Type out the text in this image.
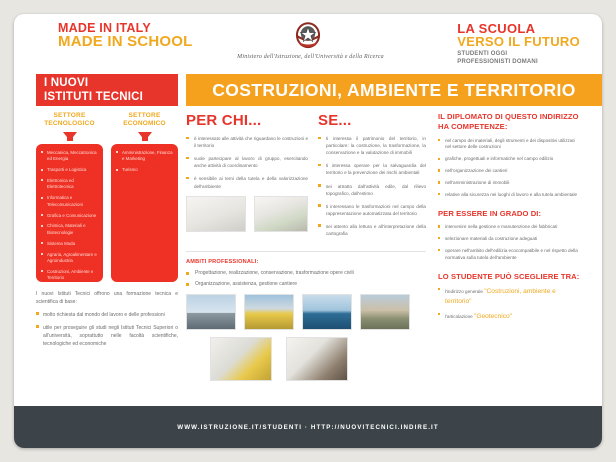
MADE IN ITALY
MADE IN SCHOOL
Ministero dell'Istruzione, dell'Università e della Ricerca
LA SCUOLA
VERSO IL FUTURO
STUDENTI OGGI
PROFESSIONISTI DOMANI
I NUOVI
ISTITUTI TECNICI	COSTRUZIONI, AMBIENTE E TERRITORIO
SETTORE
TECNOLOGICO
Meccanica, Meccatronica ed Energia
Trasporti e Logistica
Elettronica ed Elettrotecnica
Informatica e Telecomunicazioni
Grafica e Comunicazione
Chimica, Materiali e Biotecnologie
Sistema Moda
Agraria, Agroalimentare e Agroindustria
Costruzioni, Ambiente e Territorio
SETTORE
ECONOMICO
Amministrazione, Finanza e Marketing
Turismo
I nuovi Istituti Tecnici offrono una formazione tecnica e scientifica di base:
molto richiesta dal mondo del lavoro e delle professioni
utile per proseguire gli studi negli Istituti Tecnici Superiori o all'università, soprattutto nelle facoltà scientifiche, tecnologiche ed economiche
PER CHI...
è interessato alle attività che riguardano le costruzioni e il territorio
vuole partecipare al lavoro di gruppo, esercitando anche attività di coordinamento
è sensibile ai temi della tutela e della valorizzazione dell'ambiente
SE...
ti interessa il patrimonio del territorio, in particolare: la costruzione, la trasformazione, la conservazione e la valutazione di immobili
ti interessa operare per la salvaguardia del territorio e la prevenzione dei rischi ambientali
sei attratto dall'attività edile, dal rilievo topografico, dall'estimo
ti interessano le trasformazioni nel campo della rappresentazione automatizzata del territorio
sei attento alla lettura e all'interpretazione della cartografia
AMBITI PROFESSIONALI:
Progettazione, realizzazione, conservazione, trasformazione opere civili
Organizzazione, assistenza, gestione cantiere
IL DIPLOMATO DI QUESTO INDIRIZZO
HA COMPETENZE:
nel campo dei materiali, degli strumenti e dei dispositivi utilizzati nel settore delle costruzioni
grafiche, progettuali e informatiche nel campo edilizio
nell'organizzazione dei cantieri
nell'amministrazione di immobili
relative alla sicurezza nei luoghi di lavoro e alla tutela ambientale
PER ESSERE IN GRADO DI:
intervenire nella gestione e manutenzione dei fabbricati
selezionare materiali da costruzione adeguati
operare nell'ambito dell'edilizia ecocompatibile e nel rispetto della normativa sulla tutela dell'ambiente
LO STUDENTE PUÒ SCEGLIERE TRA:
l'indirizzo generale "Costruzioni, ambiente e territorio"
l'articolazione "Geotecnico"
WWW.ISTRUZIONE.IT/STUDENTI · HTTP://NUOVITECNICI.INDIRE.IT
